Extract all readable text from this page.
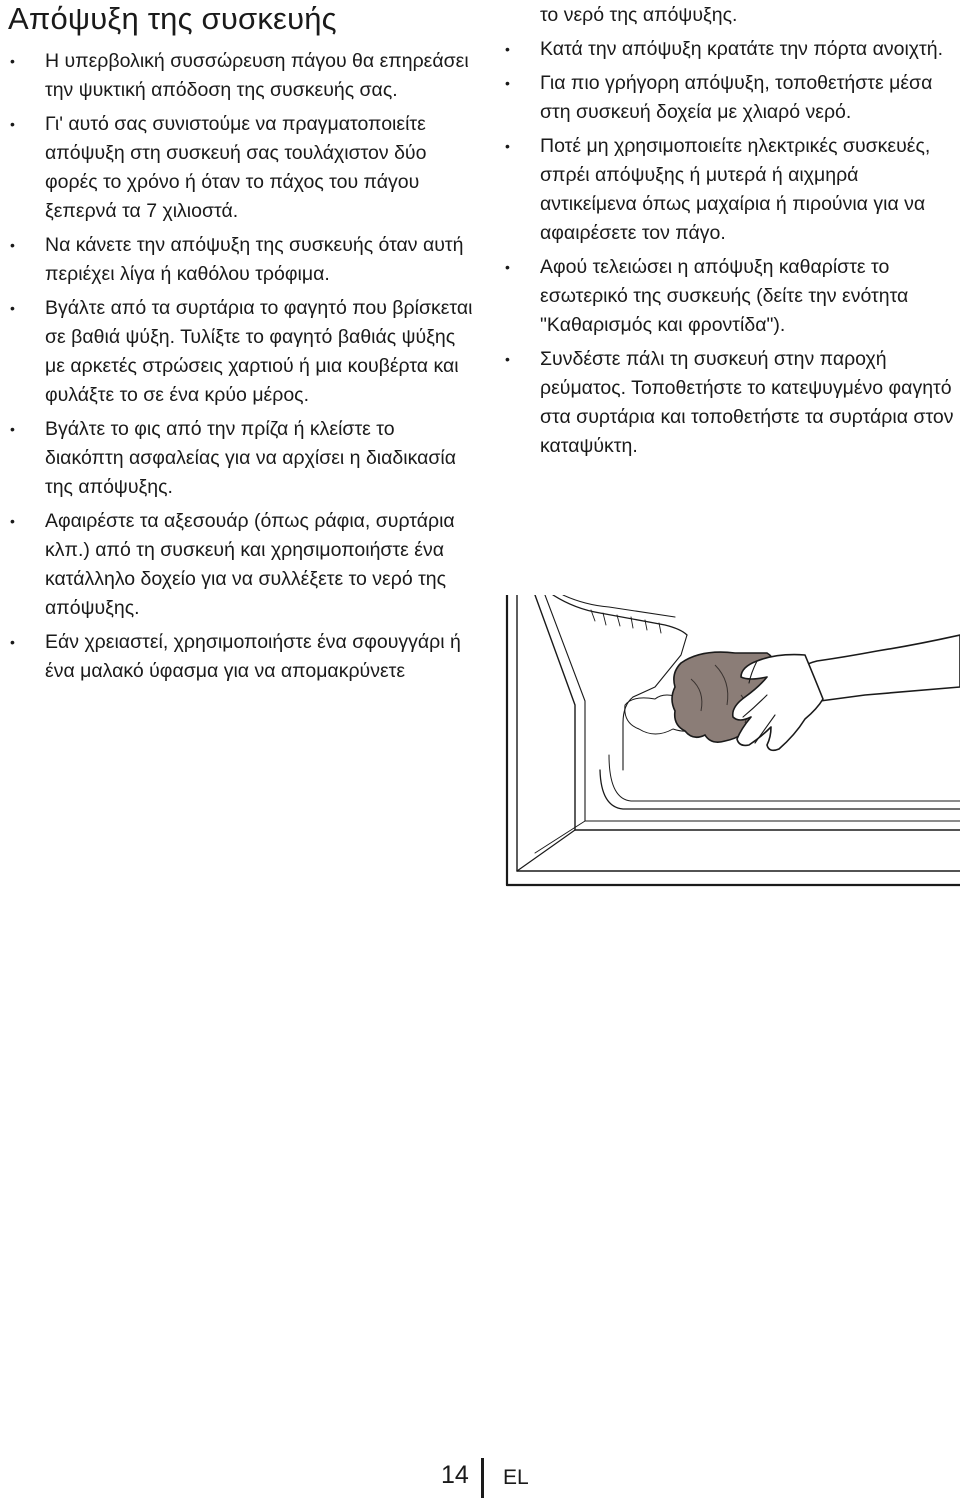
Απόψυξη της συσκευής
• Η υπερβολική συσσώρευση πάγου θα επηρεάσει την ψυκτική απόδοση της συσκευής σας.
• Γι' αυτό σας συνιστούμε να πραγματοποιείτε απόψυξη στη συσκευή σας τουλάχιστον δύο φορές το χρόνο ή όταν το πάχος του πάγου ξεπερνά τα 7 χιλιοστά.
• Να κάνετε την απόψυξη της συσκευής όταν αυτή περιέχει λίγα ή καθόλου τρόφιμα.
• Βγάλτε από τα συρτάρια το φαγητό που βρίσκεται σε βαθιά ψύξη. Τυλίξτε το φαγητό βαθιάς ψύξης με αρκετές στρώσεις χαρτιού ή μια κουβέρτα και φυλάξτε το σε ένα κρύο μέρος.
• Βγάλτε το φις από την πρίζα ή κλείστε το διακόπτη ασφαλείας για να αρχίσει η διαδικασία της απόψυξης.
• Αφαιρέστε τα αξεσουάρ (όπως ράφια, συρτάρια κλπ.) από τη συσκευή και χρησιμοποιήστε ένα κατάλληλο δοχείο για να συλλέξετε το νερό της απόψυξης.
• Εάν χρειαστεί, χρησιμοποιήστε ένα σφουγγάρι ή ένα μαλακό ύφασμα για να απομακρύνετε
το νερό της απόψυξης.
• Κατά την απόψυξη κρατάτε την πόρτα ανοιχτή.
• Για πιο γρήγορη απόψυξη, τοποθετήστε μέσα στη συσκευή δοχεία με χλιαρό νερό.
• Ποτέ μη χρησιμοποιείτε ηλεκτρικές συσκευές, σπρέι απόψυξης ή μυτερά ή αιχμηρά αντικείμενα όπως μαχαίρια ή πιρούνια για να αφαιρέσετε τον πάγο.
• Αφού τελειώσει η απόψυξη καθαρίστε το εσωτερικό της συσκευής (δείτε την ενότητα "Καθαρισμός και φροντίδα").
• Συνδέστε πάλι τη συσκευή στην παροχή ρεύματος. Τοποθετήστε το κατεψυγμένο φαγητό στα συρτάρια και τοποθετήστε τα συρτάρια στον καταψύκτη.
14 EL
